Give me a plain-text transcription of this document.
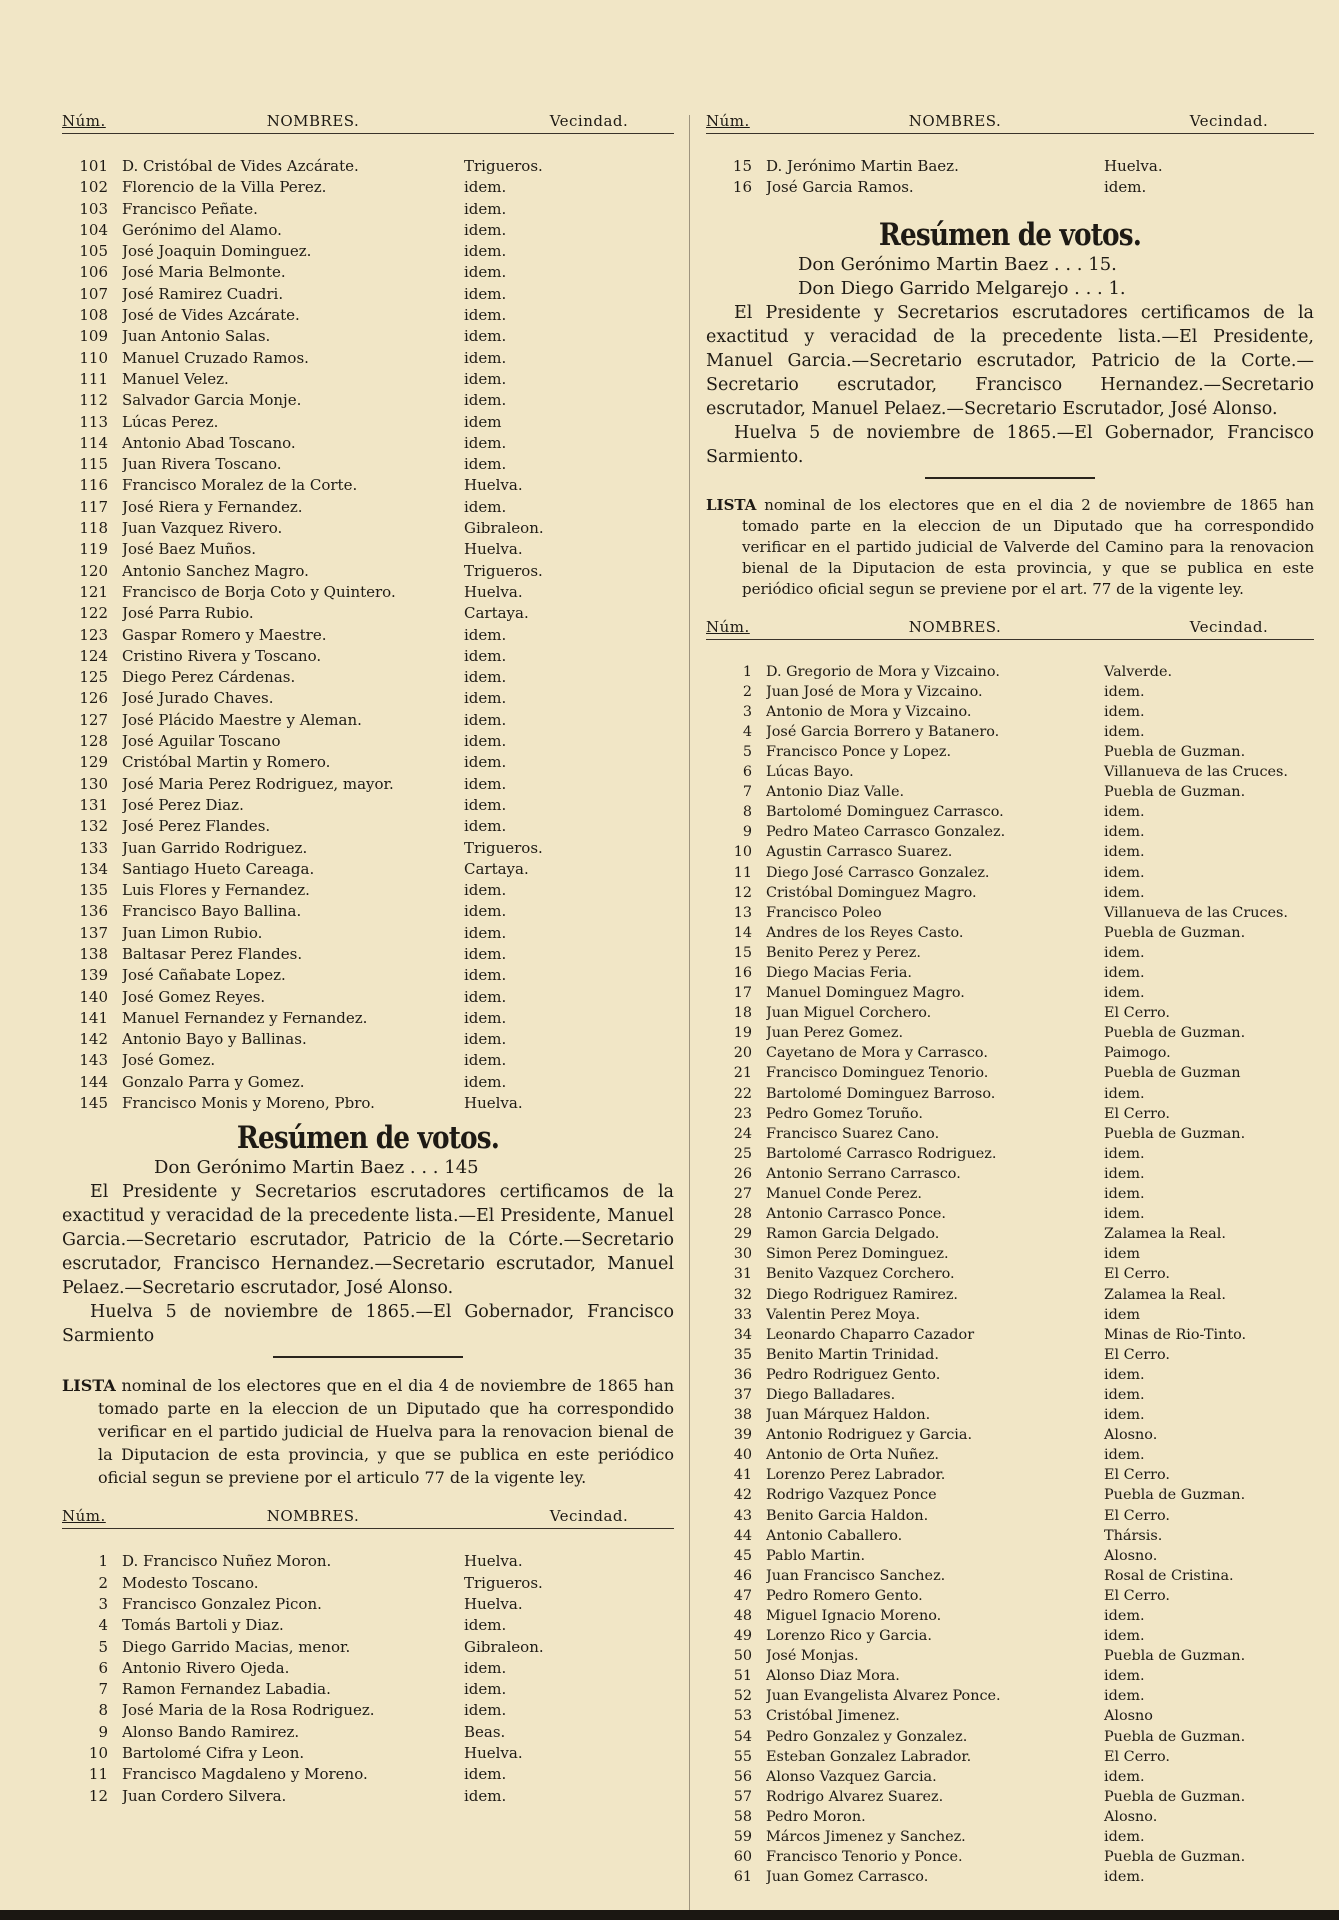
Núm.	NOMBRES.	Vecindad.
101 D. Cristóbal de Vides Azcárate.	Trigueros.
102 Florencio de la Villa Perez.	idem.
103 Francisco Peñate.	idem.
104 Gerónimo del Alamo.	idem.
105 José Joaquin Dominguez.	idem.
106 José Maria Belmonte.	idem.
107 José Ramirez Cuadri.	idem.
108 José de Vides Azcárate.	idem.
109 Juan Antonio Salas.	idem.
110 Manuel Cruzado Ramos.	idem.
111 Manuel Velez.	idem.
112 Salvador Garcia Monje.	idem.
113 Lúcas Perez.	idem
114 Antonio Abad Toscano.	idem.
115 Juan Rivera Toscano.	idem.
116 Francisco Moralez de la Corte.	Huelva.
117 José Riera y Fernandez.	idem.
118 Juan Vazquez Rivero.	Gibraleon.
119 José Baez Muños.	Huelva.
120 Antonio Sanchez Magro.	Trigueros.
121 Francisco de Borja Coto y Quintero.	Huelva.
122 José Parra Rubio.	Cartaya.
123 Gaspar Romero y Maestre.	idem.
124 Cristino Rivera y Toscano.	idem.
125 Diego Perez Cárdenas.	idem.
126 José Jurado Chaves.	idem.
127 José Plácido Maestre y Aleman.	idem.
128 José Aguilar Toscano	idem.
129 Cristóbal Martin y Romero.	idem.
130 José Maria Perez Rodriguez, mayor.	idem.
131 José Perez Diaz.	idem.
132 José Perez Flandes.	idem.
133 Juan Garrido Rodriguez.	Trigueros.
134 Santiago Hueto Careaga.	Cartaya.
135 Luis Flores y Fernandez.	idem.
136 Francisco Bayo Ballina.	idem.
137 Juan Limon Rubio.	idem.
138 Baltasar Perez Flandes.	idem.
139 José Cañabate Lopez.	idem.
140 José Gomez Reyes.	idem.
141 Manuel Fernandez y Fernandez.	idem.
142 Antonio Bayo y Ballinas.	idem.
143 José Gomez.	idem.
144 Gonzalo Parra y Gomez.	idem.
145 Francisco Monis y Moreno, Pbro.	Huelva.
Resúmen de votos.
Don Gerónimo Martin Baez . . . 145

El Presidente y Secretarios escrutadores certificamos de la exactitud y veracidad de la precedente lista.—El Presidente, Manuel Garcia.—Secretario escrutador, Patricio de la Córte.—Secretario escrutador, Francisco Hernandez.—Secretario escrutador, Manuel Pelaez.—Secretario escrutador, José Alonso.

Huelva 5 de noviembre de 1865.—El Gobernador, Francisco Sarmiento

LISTA nominal de los electores que en el dia 4 de noviembre de 1865 han tomado parte en la eleccion de un Diputado que ha correspondido verificar en el partido judicial de Huelva para la renovacion bienal de la Diputacion de esta provincia, y que se publica en este periódico oficial segun se previene por el articulo 77 de la vigente ley.
Núm.	NOMBRES.	Vecindad.
1 D. Francisco Nuñez Moron.	Huelva.
2 Modesto Toscano.	Trigueros.
3 Francisco Gonzalez Picon.	Huelva.
4 Tomás Bartoli y Diaz.	idem.
5 Diego Garrido Macias, menor.	Gibraleon.
6 Antonio Rivero Ojeda.	idem.
7 Ramon Fernandez Labadia.	idem.
8 José Maria de la Rosa Rodriguez.	idem.
9 Alonso Bando Ramirez.	Beas.
10 Bartolomé Cifra y Leon.	Huelva.
11 Francisco Magdaleno y Moreno.	idem.
12 Juan Cordero Silvera.	idem.
Núm.	NOMBRES.	Vecindad.
15 D. Jerónimo Martin Baez.	Huelva.
16 José Garcia Ramos.	idem.
Resúmen de votos.
Don Gerónimo Martin Baez . . . 15.
Don Diego Garrido Melgarejo . . . 1.

El Presidente y Secretarios escrutadores certificamos de la exactitud y veracidad de la precedente lista.—El Presidente, Manuel Garcia.—Secretario escrutador, Patricio de la Corte.—Secretario escrutador, Francisco Hernandez.—Secretario escrutador, Manuel Pelaez.—Secretario Escrutador, José Alonso.

Huelva 5 de noviembre de 1865.—El Gobernador, Francisco Sarmiento.

LISTA nominal de los electores que en el dia 2 de noviembre de 1865 han tomado parte en la eleccion de un Diputado que ha correspondido verificar en el partido judicial de Valverde del Camino para la renovacion bienal de la Diputacion de esta provincia, y que se publica en este periódico oficial segun se previene por el art. 77 de la vigente ley.
Núm.	NOMBRES.	Vecindad.
1 D. Gregorio de Mora y Vizcaino.	Valverde.
2 Juan José de Mora y Vizcaino.	idem.
3 Antonio de Mora y Vizcaino.	idem.
4 José Garcia Borrero y Batanero.	idem.
5 Francisco Ponce y Lopez.	Puebla de Guzman.
6 Lúcas Bayo.	Villanueva de las Cruces.
7 Antonio Diaz Valle.	Puebla de Guzman.
8 Bartolomé Dominguez Carrasco.	idem.
9 Pedro Mateo Carrasco Gonzalez.	idem.
10 Agustin Carrasco Suarez.	idem.
11 Diego José Carrasco Gonzalez.	idem.
12 Cristóbal Dominguez Magro.	idem.
13 Francisco Poleo	Villanueva de las Cruces.
14 Andres de los Reyes Casto.	Puebla de Guzman.
15 Benito Perez y Perez.	idem.
16 Diego Macias Feria.	idem.
17 Manuel Dominguez Magro.	idem.
18 Juan Miguel Corchero.	El Cerro.
19 Juan Perez Gomez.	Puebla de Guzman.
20 Cayetano de Mora y Carrasco.	Paimogo.
21 Francisco Dominguez Tenorio.	Puebla de Guzman
22 Bartolomé Dominguez Barroso.	idem.
23 Pedro Gomez Toruño.	El Cerro.
24 Francisco Suarez Cano.	Puebla de Guzman.
25 Bartolomé Carrasco Rodriguez.	idem.
26 Antonio Serrano Carrasco.	idem.
27 Manuel Conde Perez.	idem.
28 Antonio Carrasco Ponce.	idem.
29 Ramon Garcia Delgado.	Zalamea la Real.
30 Simon Perez Dominguez.	idem
31 Benito Vazquez Corchero.	El Cerro.
32 Diego Rodriguez Ramirez.	Zalamea la Real.
33 Valentin Perez Moya.	idem
34 Leonardo Chaparro Cazador	Minas de Rio-Tinto.
35 Benito Martin Trinidad.	El Cerro.
36 Pedro Rodriguez Gento.	idem.
37 Diego Balladares.	idem.
38 Juan Márquez Haldon.	idem.
39 Antonio Rodriguez y Garcia.	Alosno.
40 Antonio de Orta Nuñez.	idem.
41 Lorenzo Perez Labrador.	El Cerro.
42 Rodrigo Vazquez Ponce	Puebla de Guzman.
43 Benito Garcia Haldon.	El Cerro.
44 Antonio Caballero.	Thársis.
45 Pablo Martin.	Alosno.
46 Juan Francisco Sanchez.	Rosal de Cristina.
47 Pedro Romero Gento.	El Cerro.
48 Miguel Ignacio Moreno.	idem.
49 Lorenzo Rico y Garcia.	idem.
50 José Monjas.	Puebla de Guzman.
51 Alonso Diaz Mora.	idem.
52 Juan Evangelista Alvarez Ponce.	idem.
53 Cristóbal Jimenez.	Alosno
54 Pedro Gonzalez y Gonzalez.	Puebla de Guzman.
55 Esteban Gonzalez Labrador.	El Cerro.
56 Alonso Vazquez Garcia.	idem.
57 Rodrigo Alvarez Suarez.	Puebla de Guzman.
58 Pedro Moron.	Alosno.
59 Márcos Jimenez y Sanchez.	idem.
60 Francisco Tenorio y Ponce.	Puebla de Guzman.
61 Juan Gomez Carrasco.	idem.
